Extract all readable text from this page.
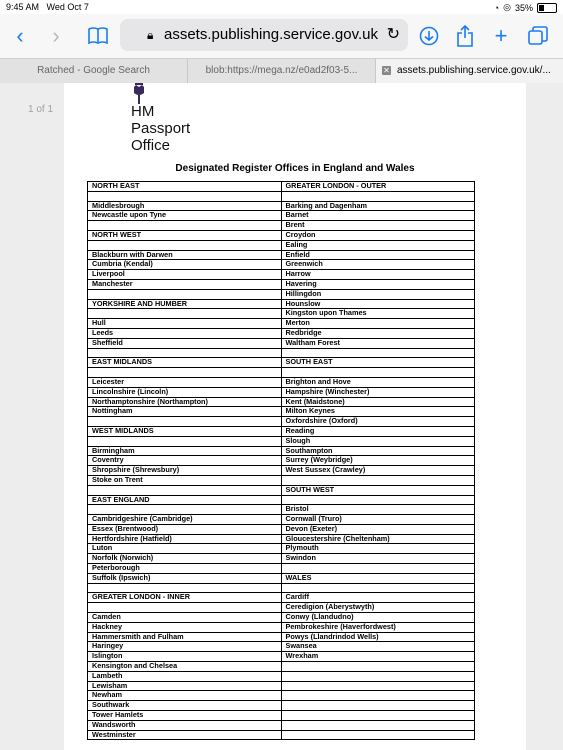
9:45 AM Wed Oct 7	◔ ◎ 35%
‹	›	🔒︎ assets.publishing.service.gov.uk ↻	+
Ratched - Google Search	blob:https://mega.nz/e0ad2f03-5...	✕ assets.publishing.service.gov.uk/...
1 of 1	HM Passport
Office
Designated Register Offices in England and Wales
NORTH EAST	GREATER LONDON - OUTER

Middlesbrough	Barking and Dagenham
Newcastle upon Tyne	Barnet
	Brent
NORTH WEST	Croydon
	Ealing
Blackburn with Darwen	Enfield
Cumbria (Kendal)	Greenwich
Liverpool	Harrow
Manchester	Havering
	Hillingdon
YORKSHIRE AND HUMBER	Hounslow
	Kingston upon Thames
Hull	Merton
Leeds	Redbridge
Sheffield	Waltham Forest

EAST MIDLANDS	SOUTH EAST

Leicester	Brighton and Hove
Lincolnshire (Lincoln)	Hampshire (Winchester)
Northamptonshire (Northampton)	Kent (Maidstone)
Nottingham	Milton Keynes
	Oxfordshire (Oxford)
WEST MIDLANDS	Reading
	Slough
Birmingham	Southampton
Coventry	Surrey (Weybridge)
Shropshire (Shrewsbury)	West Sussex (Crawley)
Stoke on Trent	
	SOUTH WEST
EAST ENGLAND	
	Bristol
Cambridgeshire (Cambridge)	Cornwall (Truro)
Essex (Brentwood)	Devon (Exeter)
Hertfordshire (Hatfield)	Gloucestershire (Cheltenham)
Luton	Plymouth
Norfolk (Norwich)	Swindon
Peterborough	
Suffolk (Ipswich)	WALES

GREATER LONDON - INNER	Cardiff
	Ceredigion (Aberystwyth)
Camden	Conwy (Llandudno)
Hackney	Pembrokeshire (Haverfordwest)
Hammersmith and Fulham	Powys (Llandrindod Wells)
Haringey	Swansea
Islington	Wrexham
Kensington and Chelsea	
Lambeth	
Lewisham	
Newham	
Southwark	
Tower Hamlets	
Wandsworth	
Westminster	
